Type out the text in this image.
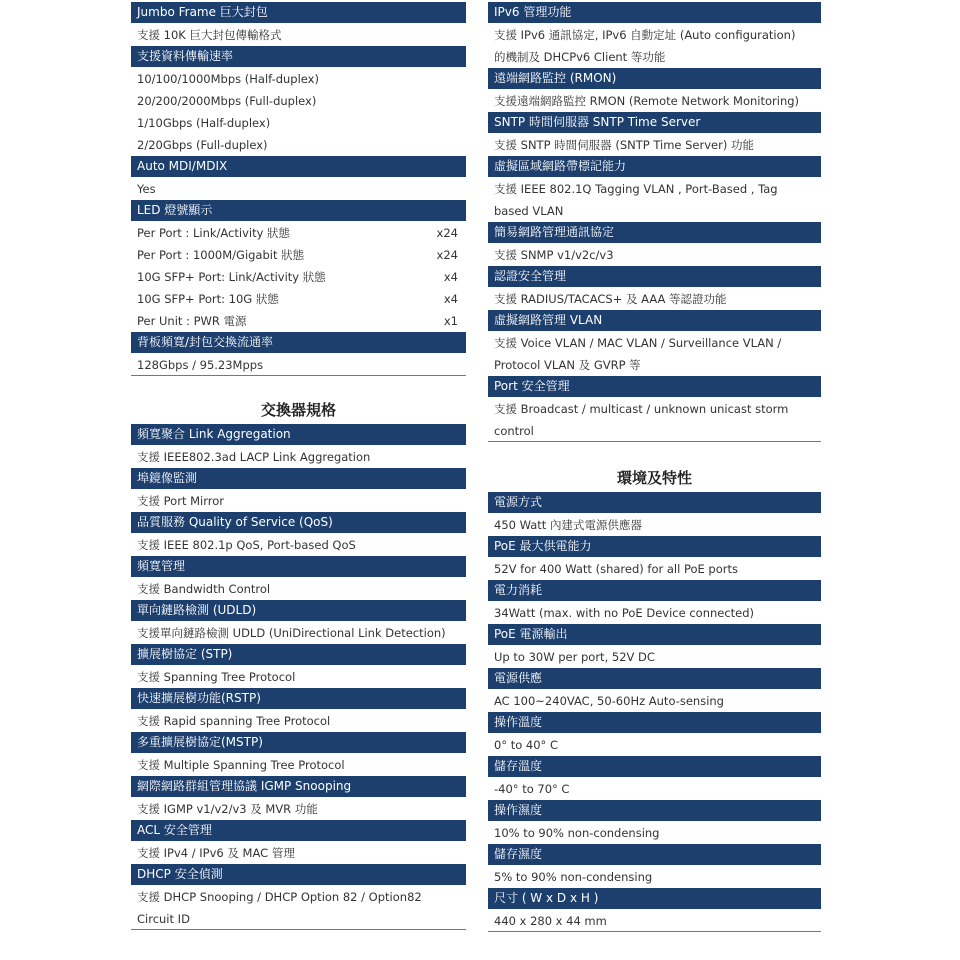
Jumbo Frame 巨大封包
支援 10K 巨大封包傳輸格式
支援資料傳輸速率
10/100/1000Mbps (Half-duplex)
20/200/2000Mbps (Full-duplex)
1/10Gbps (Half-duplex)
2/20Gbps (Full-duplex)
Auto MDI/MDIX
Yes
LED 燈號顯示
Per Port : Link/Activity 狀態	x24
Per Port : 1000M/Gigabit 狀態	x24
10G SFP+ Port: Link/Activity 狀態	x4
10G SFP+ Port: 10G 狀態	x4
Per Unit : PWR 電源	x1
背板頻寬/封包交換流通率
128Gbps / 95.23Mpps
交換器規格
頻寬聚合 Link Aggregation
支援 IEEE802.3ad LACP Link Aggregation
埠鏡像監測
支援 Port Mirror
品質服務 Quality of Service (QoS)
支援 IEEE 802.1p QoS, Port-based QoS
頻寬管理
支援 Bandwidth Control
單向鏈路檢測 (UDLD)
支援單向鏈路檢測 UDLD (UniDirectional Link Detection)
擴展樹協定 (STP)
支援 Spanning Tree Protocol
快速擴展樹功能(RSTP)
支援 Rapid spanning Tree Protocol
多重擴展樹協定(MSTP)
支援 Multiple Spanning Tree Protocol
網際網路群組管理協議 IGMP Snooping
支援 IGMP v1/v2/v3 及 MVR 功能
ACL 安全管理
支援 IPv4 / IPv6 及 MAC 管理
DHCP 安全偵測
支援 DHCP Snooping / DHCP Option 82 / Option82
Circuit ID
IPv6 管理功能
支援 IPv6 通訊協定, IPv6 自動定址 (Auto configuration)
的機制及 DHCPv6 Client 等功能
遠端網路監控 (RMON)
支援遠端網路監控 RMON (Remote Network Monitoring)
SNTP 時間伺服器 SNTP Time Server
支援 SNTP 時間伺服器 (SNTP Time Server) 功能
虛擬區域網路帶標記能力
支援 IEEE 802.1Q Tagging VLAN , Port-Based , Tag
based VLAN
簡易網路管理通訊協定
支援 SNMP v1/v2c/v3
認證安全管理
支援 RADIUS/TACACS+ 及 AAA 等認證功能
虛擬網路管理 VLAN
支援 Voice VLAN / MAC VLAN / Surveillance VLAN /
Protocol VLAN 及 GVRP 等
Port 安全管理
支援 Broadcast / multicast / unknown unicast storm
control
環境及特性
電源方式
450 Watt 內建式電源供應器
PoE 最大供電能力
52V for 400 Watt (shared) for all PoE ports
電力消耗
34Watt (max. with no PoE Device connected)
PoE 電源輸出
Up to 30W per port, 52V DC
電源供應
AC 100~240VAC, 50-60Hz Auto-sensing
操作溫度
0° to 40° C
儲存溫度
-40° to 70° C
操作濕度
10% to 90% non-condensing
儲存濕度
5% to 90% non-condensing
尺寸 ( W x D x H )
440 x 280 x 44 mm
